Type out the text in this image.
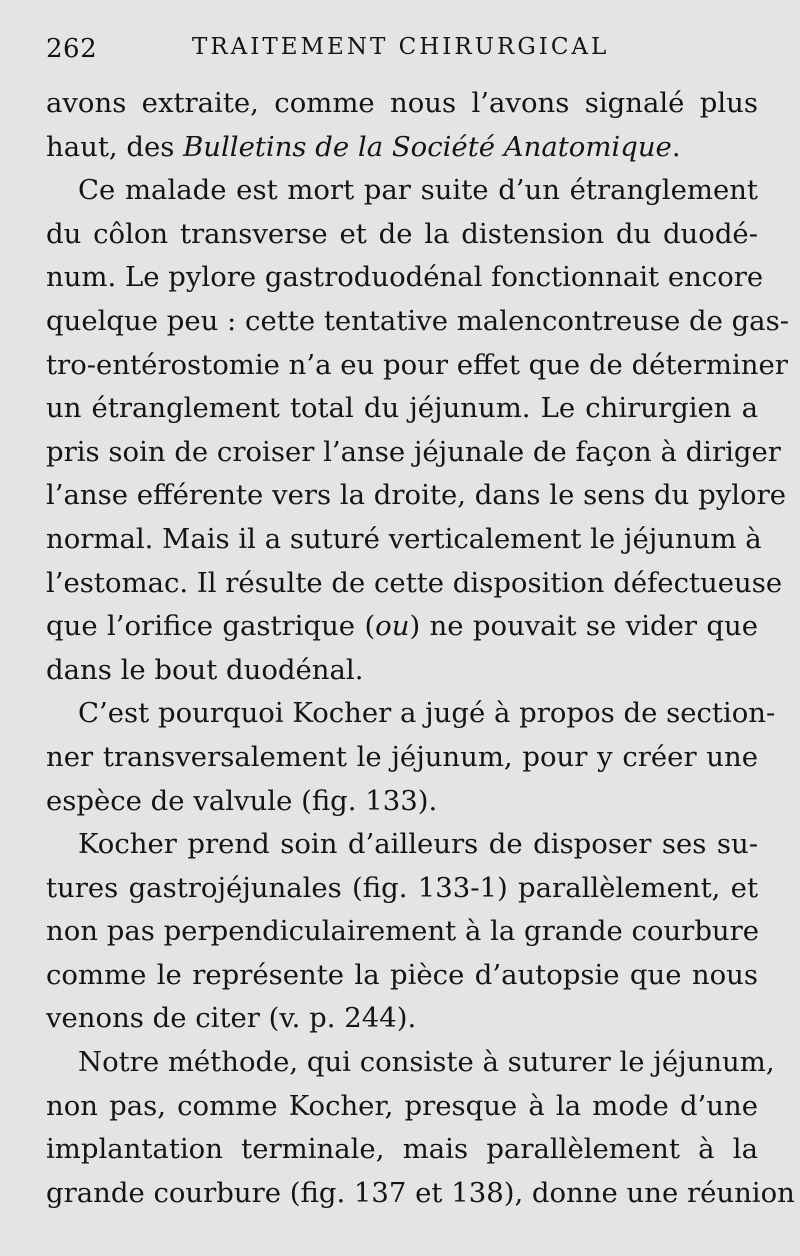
262	TRAITEMENT CHIRURGICAL
avons extraite, comme nous l’avons signalé plus
haut, des Bulletins de la Société Anatomique.
Ce malade est mort par suite d’un étranglement
du côlon transverse et de la distension du duodé-
num. Le pylore gastroduodénal fonctionnait encore
quelque peu : cette tentative malencontreuse de gas-
tro-entérostomie n’a eu pour effet que de déterminer
un étranglement total du jéjunum. Le chirurgien a
pris soin de croiser l’anse jéjunale de façon à diriger
l’anse efférente vers la droite, dans le sens du pylore
normal. Mais il a suturé verticalement le jéjunum à
l’estomac. Il résulte de cette disposition défectueuse
que l’orifice gastrique (ou) ne pouvait se vider que
dans le bout duodénal.
C’est pourquoi Kocher a jugé à propos de section-
ner transversalement le jéjunum, pour y créer une
espèce de valvule (fig. 133).
Kocher prend soin d’ailleurs de disposer ses su-
tures gastrojéjunales (fig. 133-1) parallèlement, et
non pas perpendiculairement à la grande courbure
comme le représente la pièce d’autopsie que nous
venons de citer (v. p. 244).
Notre méthode, qui consiste à suturer le jéjunum,
non pas, comme Kocher, presque à la mode d’une
implantation terminale, mais parallèlement à la
grande courbure (fig. 137 et 138), donne une réunion
